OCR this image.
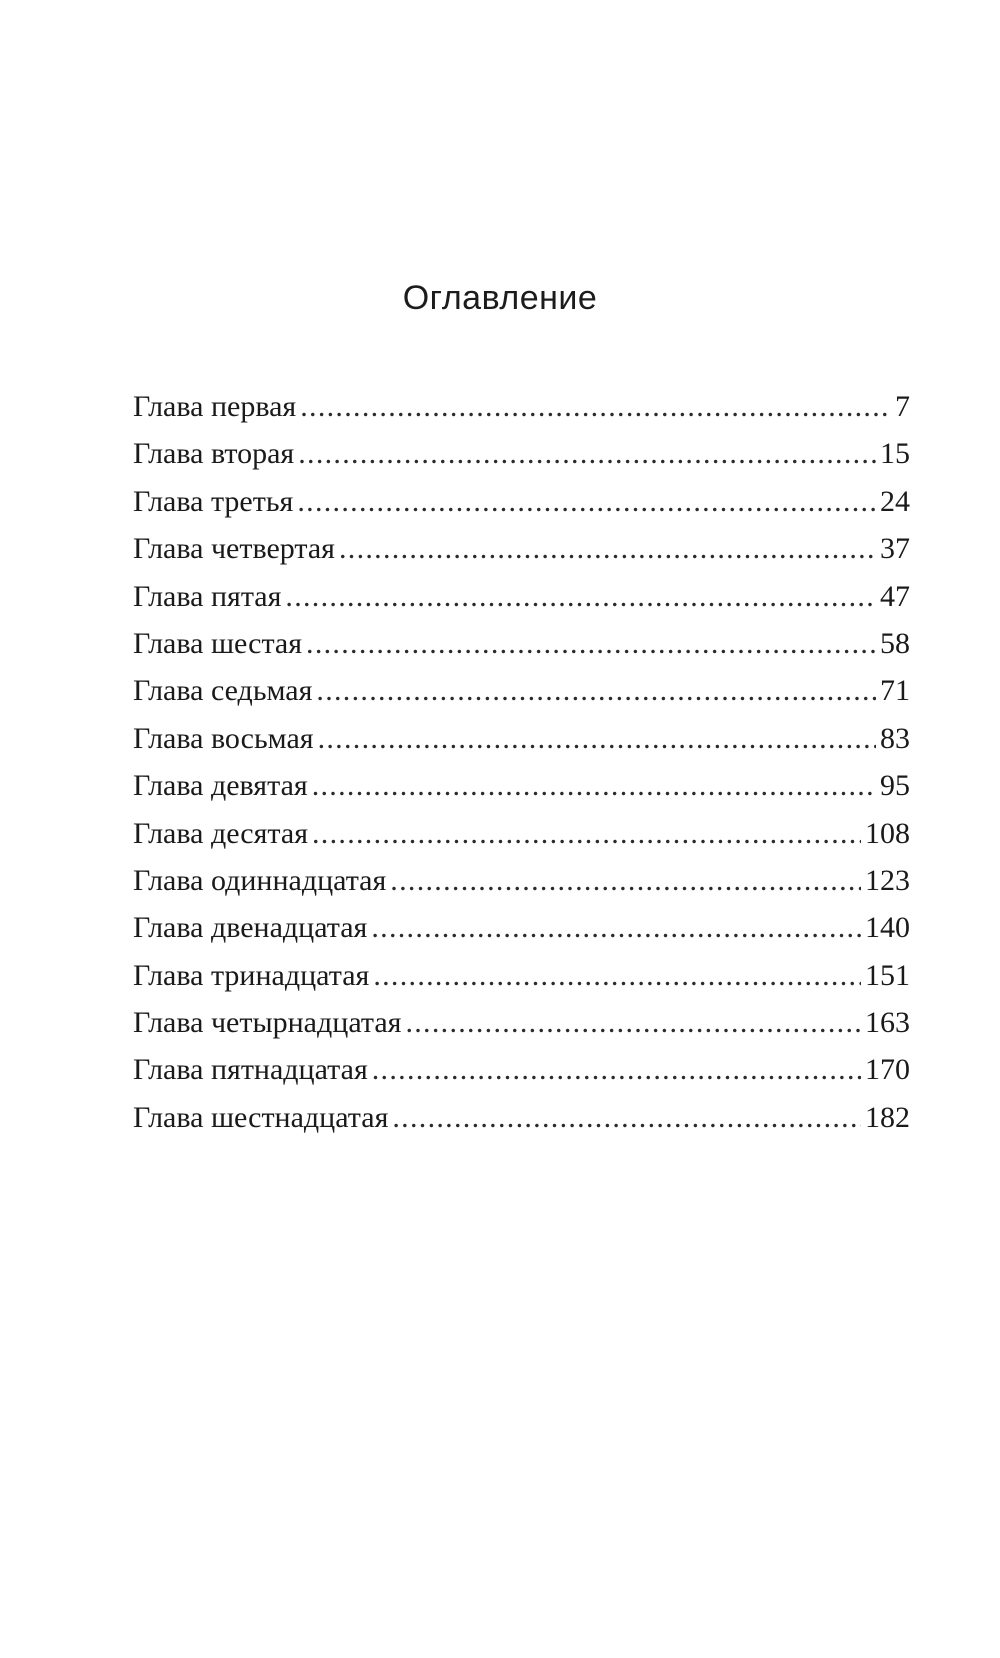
Оглавление
Глава первая . . .	7
Глава вторая . . .	15
Глава третья . . .	24
Глава четвертая . . .	37
Глава пятая . . .	47
Глава шестая . . .	58
Глава седьмая . . .	71
Глава восьмая . . .	83
Глава девятая . . .	95
Глава десятая . . .	108
Глава одиннадцатая . . .	123
Глава двенадцатая . . .	140
Глава тринадцатая . . .	151
Глава четырнадцатая . . .	163
Глава пятнадцатая . . .	170
Глава шестнадцатая . . .	182
